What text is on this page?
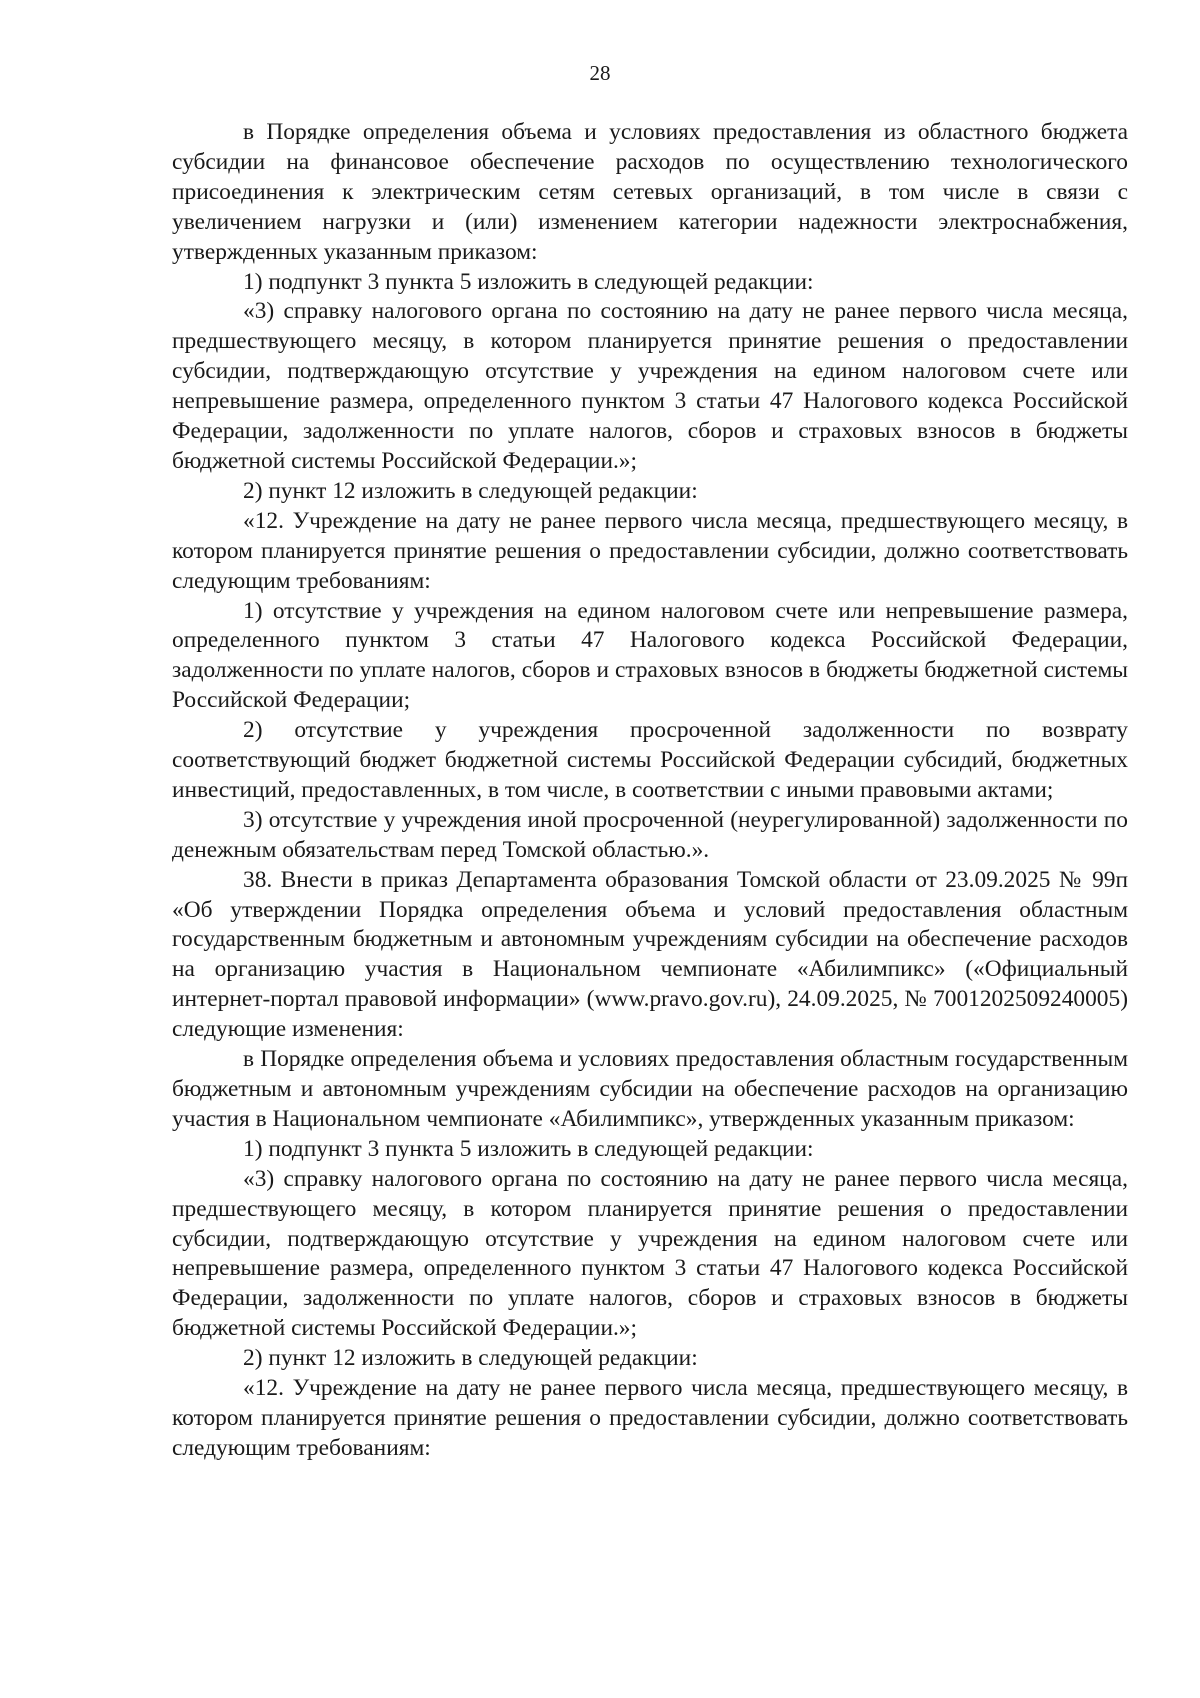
28

в Порядке определения объема и условиях предоставления из областного бюджета субсидии на финансовое обеспечение расходов по осуществлению технологического присоединения к электрическим сетям сетевых организаций, в том числе в связи с увеличением нагрузки и (или) изменением категории надежности электроснабжения, утвержденных указанным приказом:

1) подпункт 3 пункта 5 изложить в следующей редакции:

«3) справку налогового органа по состоянию на дату не ранее первого числа месяца, предшествующего месяцу, в котором планируется принятие решения о предоставлении субсидии, подтверждающую отсутствие у учреждения на едином налоговом счете или непревышение размера, определенного пунктом 3 статьи 47 Налогового кодекса Российской Федерации, задолженности по уплате налогов, сборов и страховых взносов в бюджеты бюджетной системы Российской Федерации.»;

2) пункт 12 изложить в следующей редакции:

«12. Учреждение на дату не ранее первого числа месяца, предшествующего месяцу, в котором планируется принятие решения о предоставлении субсидии, должно соответствовать следующим требованиям:

1) отсутствие у учреждения на едином налоговом счете или непревышение размера, определенного пунктом 3 статьи 47 Налогового кодекса Российской Федерации, задолженности по уплате налогов, сборов и страховых взносов в бюджеты бюджетной системы Российской Федерации;

2) отсутствие у учреждения просроченной задолженности по возврату соответствующий бюджет бюджетной системы Российской Федерации субсидий, бюджетных инвестиций, предоставленных, в том числе, в соответствии с иными правовыми актами;

3) отсутствие у учреждения иной просроченной (неурегулированной) задолженности по денежным обязательствам перед Томской областью.».

38. Внести в приказ Департамента образования Томской области от 23.09.2025 № 99п «Об утверждении Порядка определения объема и условий предоставления областным государственным бюджетным и автономным учреждениям субсидии на обеспечение расходов на организацию участия в Национальном чемпионате «Абилимпикс» («Официальный интернет-портал правовой информации» (www.pravo.gov.ru), 24.09.2025, № 7001202509240005) следующие изменения:

в Порядке определения объема и условиях предоставления областным государственным бюджетным и автономным учреждениям субсидии на обеспечение расходов на организацию участия в Национальном чемпионате «Абилимпикс», утвержденных указанным приказом:

1) подпункт 3 пункта 5 изложить в следующей редакции:

«3) справку налогового органа по состоянию на дату не ранее первого числа месяца, предшествующего месяцу, в котором планируется принятие решения о предоставлении субсидии, подтверждающую отсутствие у учреждения на едином налоговом счете или непревышение размера, определенного пунктом 3 статьи 47 Налогового кодекса Российской Федерации, задолженности по уплате налогов, сборов и страховых взносов в бюджеты бюджетной системы Российской Федерации.»;

2) пункт 12 изложить в следующей редакции:

«12. Учреждение на дату не ранее первого числа месяца, предшествующего месяцу, в котором планируется принятие решения о предоставлении субсидии, должно соответствовать следующим требованиям:
